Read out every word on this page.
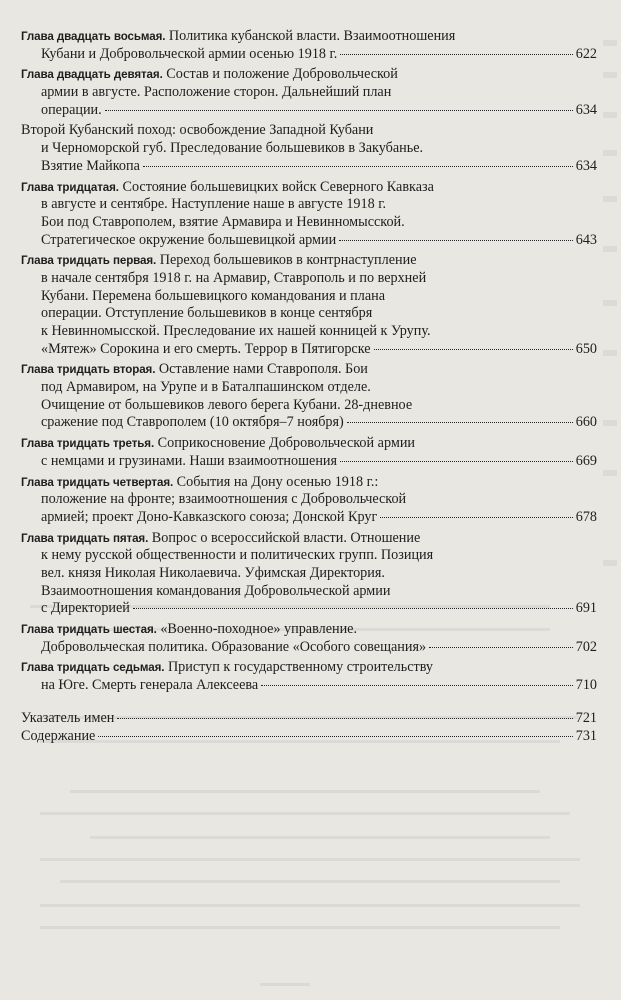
Глава двадцать восьмая. Политика кубанской власти. Взаимоотношения
Кубани и Добровольческой армии осенью 1918 г.	622
Глава двадцать девятая. Состав и положение Добровольческой
армии в августе. Расположение сторон. Дальнейший план
операции.	634
Второй Кубанский поход: освобождение Западной Кубани
и Черноморской губ. Преследование большевиков в Закубанье.
Взятие Майкопа	634
Глава тридцатая. Состояние большевицких войск Северного Кавказа
в августе и сентябре. Наступление наше в августе 1918 г.
Бои под Ставрополем, взятие Армавира и Невинномысской.
Стратегическое окружение большевицкой армии	643
Глава тридцать первая. Переход большевиков в контрнаступление
в начале сентября 1918 г. на Армавир, Ставрополь и по верхней
Кубани. Перемена большевицкого командования и плана
операции. Отступление большевиков в конце сентября
к Невинномысской. Преследование их нашей конницей к Урупу.
«Мятеж» Сорокина и его смерть. Террор в Пятигорске	650
Глава тридцать вторая. Оставление нами Ставрополя. Бои
под Армавиром, на Урупе и в Баталпашинском отделе.
Очищение от большевиков левого берега Кубани. 28-дневное
сражение под Ставрополем (10 октября–7 ноября)	660
Глава тридцать третья. Соприкосновение Добровольческой армии
с немцами и грузинами. Наши взаимоотношения	669
Глава тридцать четвертая. События на Дону осенью 1918 г.:
положение на фронте; взаимоотношения с Добровольческой
армией; проект Доно-Кавказского союза; Донской Круг	678
Глава тридцать пятая. Вопрос о всероссийской власти. Отношение
к нему русской общественности и политических групп. Позиция
вел. князя Николая Николаевича. Уфимская Директория.
Взаимоотношения командования Добровольческой армии
с Директорией	691
Глава тридцать шестая. «Военно-походное» управление.
Добровольческая политика. Образование «Особого совещания»	702
Глава тридцать седьмая. Приступ к государственному строительству
на Юге. Смерть генерала Алексеева	710
Указатель имен	721
Содержание	731
